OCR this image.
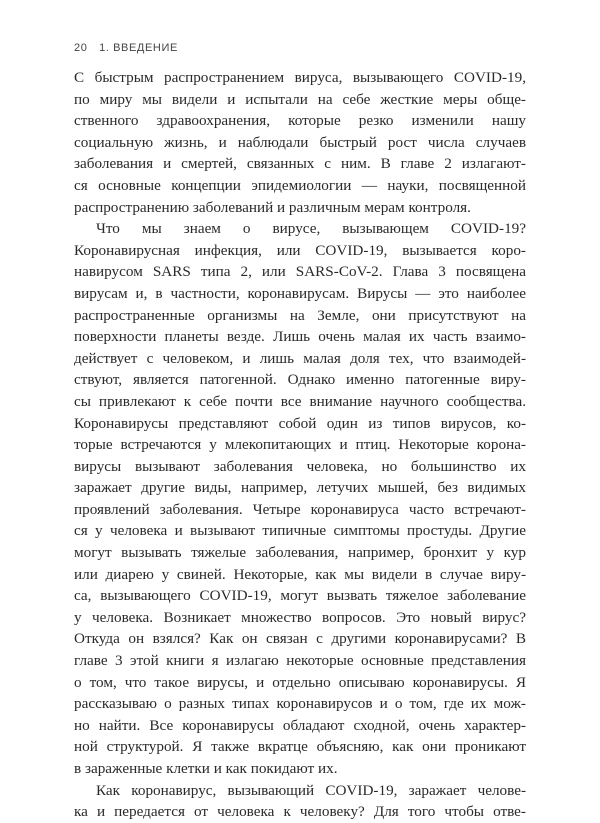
20 1. ВВЕДЕНИЕ
С быстрым распространением вируса, вызывающего COVID-19,
по миру мы видели и испытали на себе жесткие меры обще-
ственного здравоохранения, которые резко изменили нашу
социальную жизнь, и наблюдали быстрый рост числа случаев
заболевания и смертей, связанных с ним. В главе 2 излагают-
ся основные концепции эпидемиологии — науки, посвященной
распространению заболеваний и различным мерам контроля.
Что мы знаем о вирусе, вызывающем COVID-19?
Коронавирусная инфекция, или COVID-19, вызывается коро-
навирусом SARS типа 2, или SARS-CoV-2. Глава 3 посвящена
вирусам и, в частности, коронавирусам. Вирусы — это наиболее
распространенные организмы на Земле, они присутствуют на
поверхности планеты везде. Лишь очень малая их часть взаимо-
действует с человеком, и лишь малая доля тех, что взаимодей-
ствуют, является патогенной. Однако именно патогенные виру-
сы привлекают к себе почти все внимание научного сообщества.
Коронавирусы представляют собой один из типов вирусов, ко-
торые встречаются у млекопитающих и птиц. Некоторые корона-
вирусы вызывают заболевания человека, но большинство их
заражает другие виды, например, летучих мышей, без видимых
проявлений заболевания. Четыре коронавируса часто встречают-
ся у человека и вызывают типичные симптомы простуды. Другие
могут вызывать тяжелые заболевания, например, бронхит у кур
или диарею у свиней. Некоторые, как мы видели в случае виру-
са, вызывающего COVID-19, могут вызвать тяжелое заболевание
у человека. Возникает множество вопросов. Это новый вирус?
Откуда он взялся? Как он связан с другими коронавирусами? В
главе 3 этой книги я излагаю некоторые основные представления
о том, что такое вирусы, и отдельно описываю коронавирусы. Я
рассказываю о разных типах коронавирусов и о том, где их мож-
но найти. Все коронавирусы обладают сходной, очень характер-
ной структурой. Я также вкратце объясняю, как они проникают
в зараженные клетки и как покидают их.
Как коронавирус, вызывающий COVID-19, заражает челове-
ка и передается от человека к человеку? Для того чтобы отве-
